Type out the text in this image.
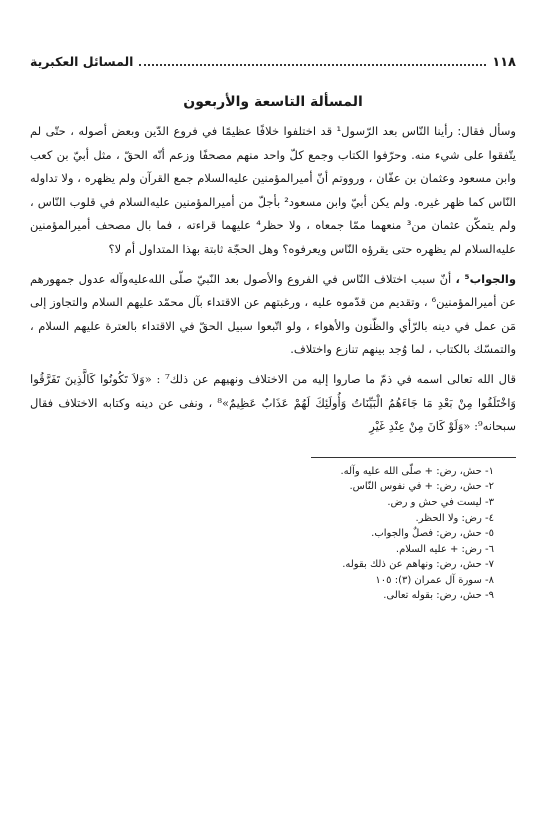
١١٨
المسائل العكبرية
المسألة التاسعة والأربعون

وسأل فقال: رأينا النّاس بعد الرّسول¹ قد اختلفوا خلافًا عظيمًا في فروع الدّين وبعض أصوله ، حتّى لم يتّفقوا على شيء منه. وحرّفوا الكتاب وجمع كلّ واحد منهم مصحفًا وزعم أنّه الحقّ ، مثل أبيّ بن كعب وابن مسعود وعثمان بن عفّان ، ورووتم أنّ أميرالمؤمنين عليه‌السلام جمع القرآن ولم يظهره ، ولا تداوله النّاس كما ظهر غيره. ولم يكن أبيّ وابن مسعود² بأجلّ من أميرالمؤمنين عليه‌السلام في قلوب النّاس ، ولم يتمكّن عثمان من³ منعهما ممّا جمعاه ، ولا حظر⁴ عليهما قراءته ، فما بال مصحف أميرالمؤمنين عليه‌السلام لم يظهره حتى يقرؤه النّاس ويعرفوه؟ وهل الحجّة ثابتة بهذا المتداول أم لا؟

والجواب⁵ ، أنّ سبب اختلاف النّاس في الفروع والأصول بعد النّبيّ صلّى الله‌عليه‌وآله عدول جمهورهم عن أميرالمؤمنين⁶ ، وتقديم من قدّموه عليه ، ورغبتهم عن الاقتداء بآل محمّد عليهم السلام والتجاوز إلى مَن عمل في دينه بالرّأي والظّنون والأهواء ، ولو اتّبعوا سبيل الحقّ في الاقتداء بالعترة عليهم السلام ، والتمسّك بالكتاب ، لما وُجد بينهم تنازع واختلاف.

قال الله تعالى اسمه في ذمّ ما صاروا إليه من الاختلاف ونهيهم عن ذلك⁷ : «وَلاَ تَكُونُوا كَالَّذِينَ تَفَرَّقُوا وَاخْتَلَفُوا مِنْ بَعْدِ مَا جَاءَهُمُ الْبَيِّنَاتُ وَأُولَئِكَ لَهُمْ عَذَابٌ عَظِيمٌ»⁸ ، ونفى عن دينه وكتابه الاختلاف فقال سبحانه⁹: «وَلَوْ كَانَ مِنْ عِنْدِ غَيْرِ

١- حش، رض: + صلّى الله عليه وآله.
٢- حش، رض: + في نفوس النّاس.
٣- ليست في حش و رض.
٤- رض: ولا الحظر.
٥- حش، رض: فصلٌ والجواب.
٦- رض: + عليه السلام.
٧- حش، رض: ونهاهم عن ذلك بقوله.
٨- سورة آل عمران (٣): ١٠٥
٩- حش، رض: بقوله تعالى.
